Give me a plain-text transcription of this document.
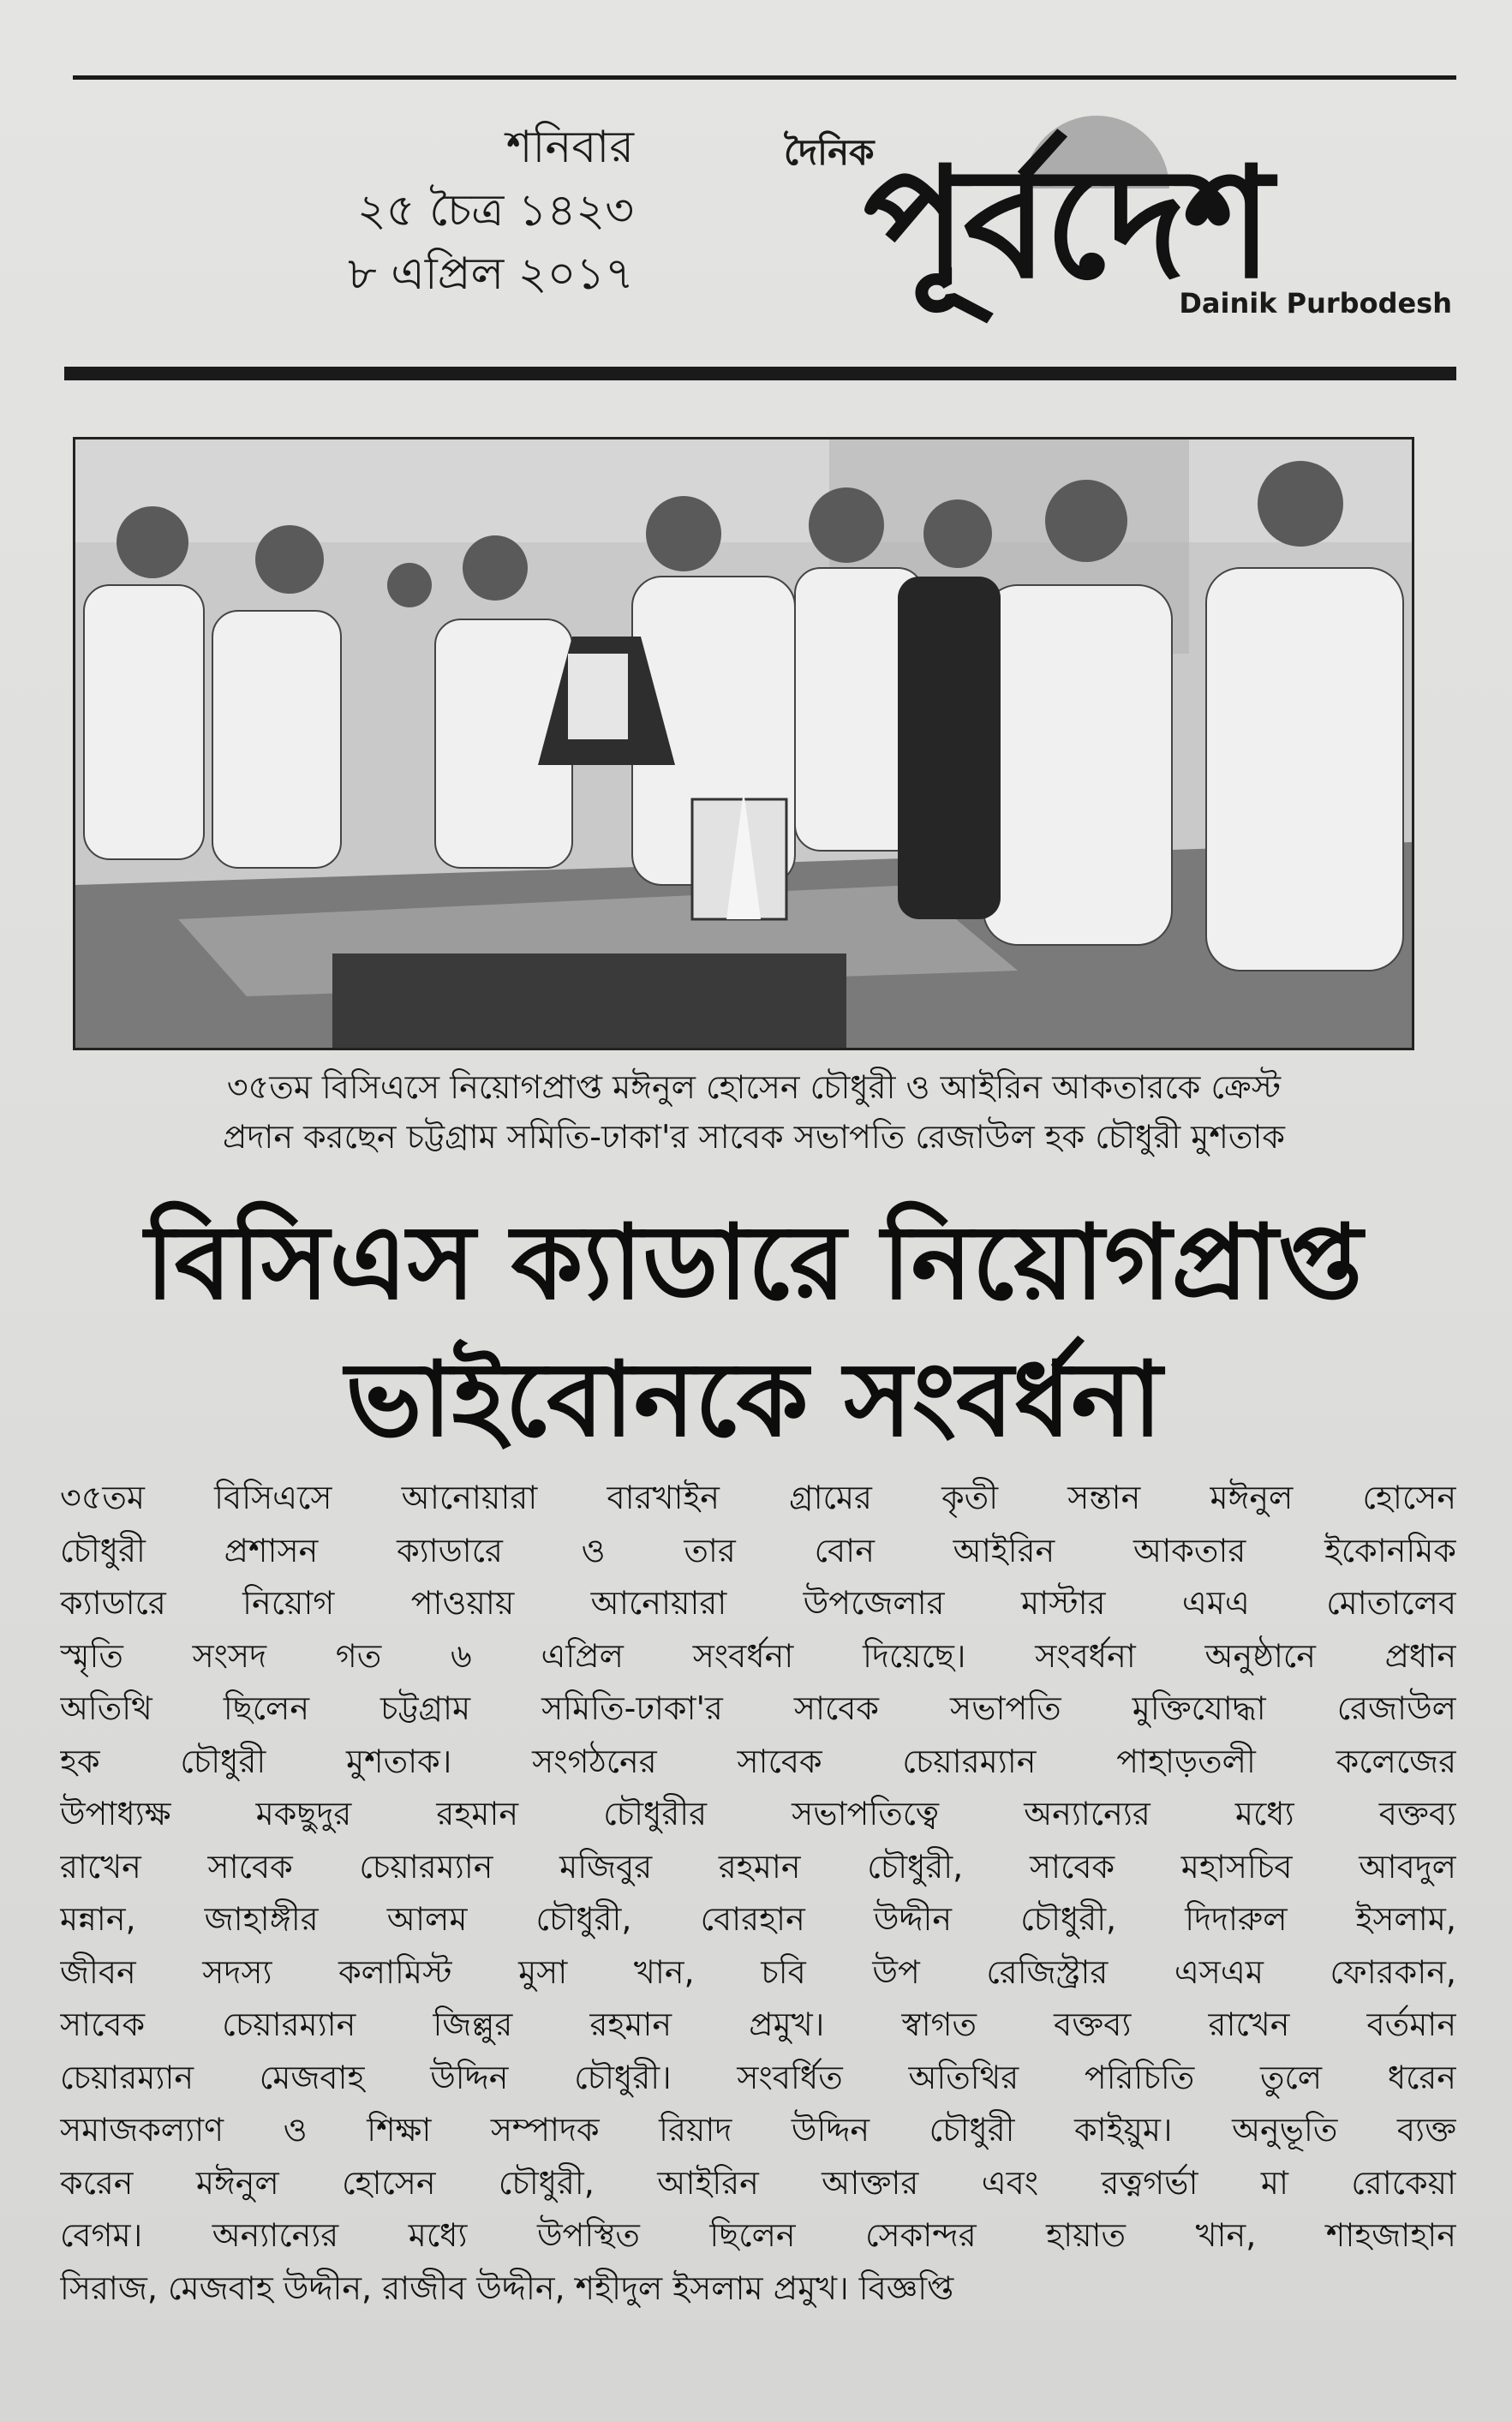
শনিবার
২৫ চৈত্র ১৪২৩
৮ এপ্রিল ২০১৭
দৈনিক
পূর্বদেশ
Dainik Purbodesh
৩৫তম বিসিএসে নিয়োগপ্রাপ্ত মঈনুল হোসেন চৌধুরী ও আইরিন আকতারকে ক্রেস্ট
প্রদান করছেন চট্টগ্রাম সমিতি-ঢাকা'র সাবেক সভাপতি রেজাউল হক চৌধুরী মুশতাক
বিসিএস ক্যাডারে নিয়োগপ্রাপ্ত
ভাইবোনকে সংবর্ধনা
৩৫তম বিসিএসে আনোয়ারা বারখাইন গ্রামের কৃতী সন্তান মঈনুল হোসেন
চৌধুরী প্রশাসন ক্যাডারে ও তার বোন আইরিন আকতার ইকোনমিক
ক্যাডারে নিয়োগ পাওয়ায় আনোয়ারা উপজেলার মাস্টার এমএ মোতালেব
স্মৃতি সংসদ গত ৬ এপ্রিল সংবর্ধনা দিয়েছে। সংবর্ধনা অনুষ্ঠানে প্রধান
অতিথি ছিলেন চট্টগ্রাম সমিতি-ঢাকা'র সাবেক সভাপতি মুক্তিযোদ্ধা রেজাউল
হক চৌধুরী মুশতাক। সংগঠনের সাবেক চেয়ারম্যান পাহাড়তলী কলেজের
উপাধ্যক্ষ মকছুদুর রহমান চৌধুরীর সভাপতিত্বে অন্যান্যের মধ্যে বক্তব্য
রাখেন সাবেক চেয়ারম্যান মজিবুর রহমান চৌধুরী, সাবেক মহাসচিব আবদুল
মন্নান, জাহাঙ্গীর আলম চৌধুরী, বোরহান উদ্দীন চৌধুরী, দিদারুল ইসলাম,
জীবন সদস্য কলামিস্ট মুসা খান, চবি উপ রেজিস্ট্রার এসএম ফোরকান,
সাবেক চেয়ারম্যান জিল্লুর রহমান প্রমুখ। স্বাগত বক্তব্য রাখেন বর্তমান
চেয়ারম্যান মেজবাহ উদ্দিন চৌধুরী। সংবর্ধিত অতিথির পরিচিতি তুলে ধরেন
সমাজকল্যাণ ও শিক্ষা সম্পাদক রিয়াদ উদ্দিন চৌধুরী কাইয়ুম। অনুভূতি ব্যক্ত
করেন মঈনুল হোসেন চৌধুরী, আইরিন আক্তার এবং রত্নগর্ভা মা রোকেয়া
বেগম। অন্যান্যের মধ্যে উপস্থিত ছিলেন সেকান্দর হায়াত খান, শাহজাহান
সিরাজ, মেজবাহ উদ্দীন, রাজীব উদ্দীন, শহীদুল ইসলাম প্রমুখ। বিজ্ঞপ্তি
